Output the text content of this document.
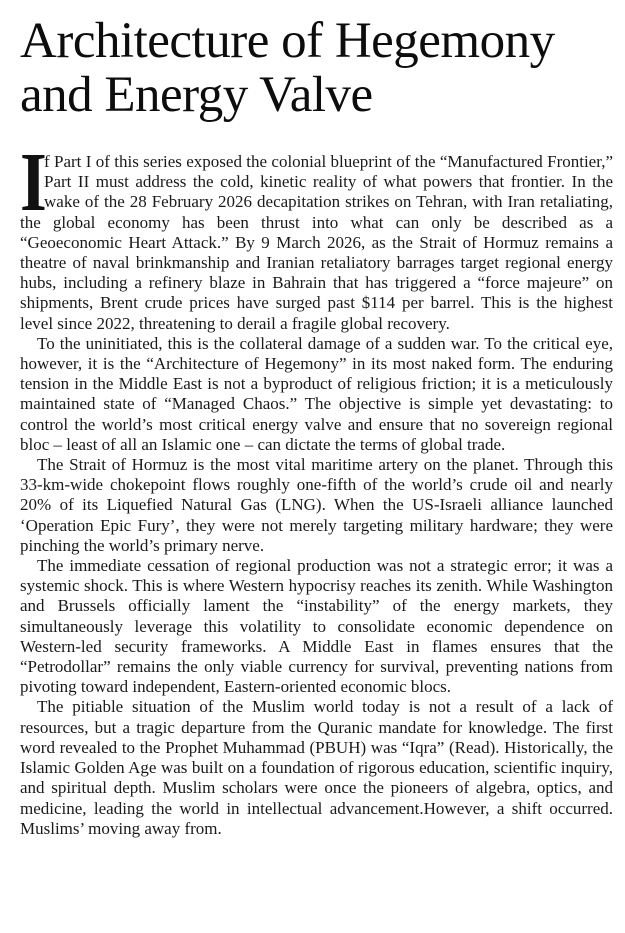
Architecture of Hegemony
and Energy Valve

I
f Part I of this series exposed the colonial blueprint of the “Manufactured Frontier,” Part II must address the cold, kinetic reality of what powers that frontier. In the wake of the 28 February 2026 decapitation strikes on Tehran, with Iran retaliating, the global economy has been thrust into what can only be described as a “Geoeconomic Heart Attack.” By 9 March 2026, as the Strait of Hormuz remains a theatre of naval brinkmanship and Iranian retaliatory barrages target regional energy hubs, including a refinery blaze in Bahrain that has triggered a “force majeure” on shipments, Brent crude prices have surged past $114 per barrel. This is the highest level since 2022, threatening to derail a fragile global recovery.

To the uninitiated, this is the collateral damage of a sudden war. To the critical eye, however, it is the “Architecture of Hegemony” in its most naked form. The enduring tension in the Middle East is not a byproduct of religious friction; it is a meticulously maintained state of “Managed Chaos.” The objective is simple yet devastating: to control the world’s most critical energy valve and ensure that no sovereign regional bloc – least of all an Islamic one – can dictate the terms of global trade.

The Strait of Hormuz is the most vital maritime artery on the planet. Through this 33-km-wide chokepoint flows roughly one-fifth of the world’s crude oil and nearly 20% of its Liquefied Natural Gas (LNG). When the US-Israeli alliance launched ‘Operation Epic Fury’, they were not merely targeting military hardware; they were pinching the world’s primary nerve.

The immediate cessation of regional production was not a strategic error; it was a systemic shock. This is where Western hypocrisy reaches its zenith. While Washington and Brussels officially lament the “instability” of the energy markets, they simultaneously leverage this volatility to consolidate economic dependence on Western-led security frameworks. A Middle East in flames ensures that the “Petrodollar” remains the only viable currency for survival, preventing nations from pivoting toward independent, Eastern-oriented economic blocs.

The pitiable situation of the Muslim world today is not a result of a lack of resources, but a tragic departure from the Quranic mandate for knowledge. The first word revealed to the Prophet Muhammad (PBUH) was “Iqra” (Read). Historically, the Islamic Golden Age was built on a foundation of rigorous education, scientific inquiry, and spiritual depth. Muslim scholars were once the pioneers of algebra, optics, and medicine, leading the world in intellectual advancement.However, a shift occurred. Muslims’ moving away from.
